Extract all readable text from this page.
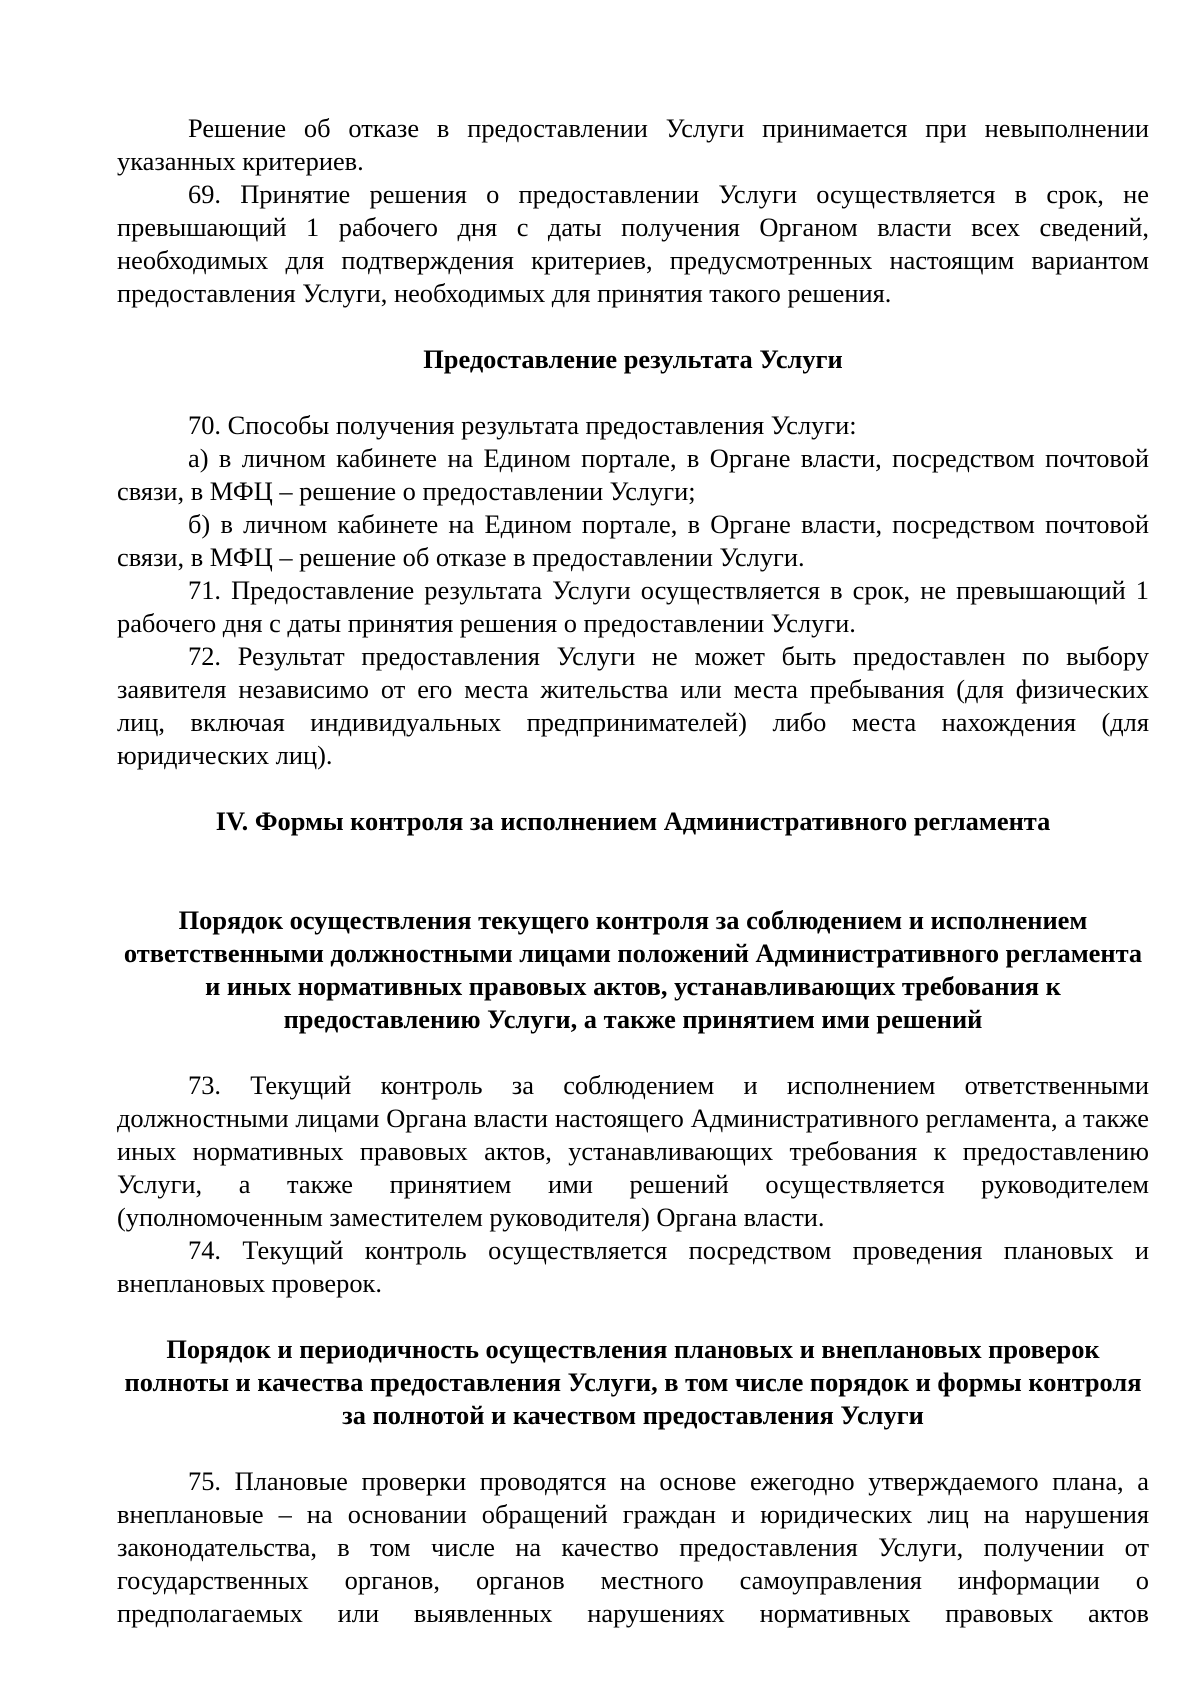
Решение об отказе в предоставлении Услуги принимается при невыполнении указанных критериев.

69. Принятие решения о предоставлении Услуги осуществляется в срок, не превышающий 1 рабочего дня с даты получения Органом власти всех сведений, необходимых для подтверждения критериев, предусмотренных настоящим вариантом предоставления Услуги, необходимых для принятия такого решения.

Предоставление результата Услуги

70. Способы получения результата предоставления Услуги:

а) в личном кабинете на Едином портале, в Органе власти, посредством почтовой связи, в МФЦ – решение о предоставлении Услуги;

б) в личном кабинете на Едином портале, в Органе власти, посредством почтовой связи, в МФЦ – решение об отказе в предоставлении Услуги.

71. Предоставление результата Услуги осуществляется в срок, не превышающий 1 рабочего дня с даты принятия решения о предоставлении Услуги.

72. Результат предоставления Услуги не может быть предоставлен по выбору заявителя независимо от его места жительства или места пребывания (для физических лиц, включая индивидуальных предпринимателей) либо места нахождения (для юридических лиц).

IV. Формы контроля за исполнением Административного регламента

Порядок осуществления текущего контроля за соблюдением и исполнением ответственными должностными лицами положений Административного регламента и иных нормативных правовых актов, устанавливающих требования к предоставлению Услуги, а также принятием ими решений

73. Текущий контроль за соблюдением и исполнением ответственными должностными лицами Органа власти настоящего Административного регламента, а также иных нормативных правовых актов, устанавливающих требования к предоставлению Услуги, а также принятием ими решений осуществляется руководителем (уполномоченным заместителем руководителя) Органа власти.

74. Текущий контроль осуществляется посредством проведения плановых и внеплановых проверок.

Порядок и периодичность осуществления плановых и внеплановых проверок полноты и качества предоставления Услуги, в том числе порядок и формы контроля за полнотой и качеством предоставления Услуги

75. Плановые проверки проводятся на основе ежегодно утверждаемого плана, а внеплановые – на основании обращений граждан и юридических лиц на нарушения законодательства, в том числе на качество предоставления Услуги, получении от государственных органов, органов местного самоуправления информации о предполагаемых или выявленных нарушениях нормативных правовых актов
